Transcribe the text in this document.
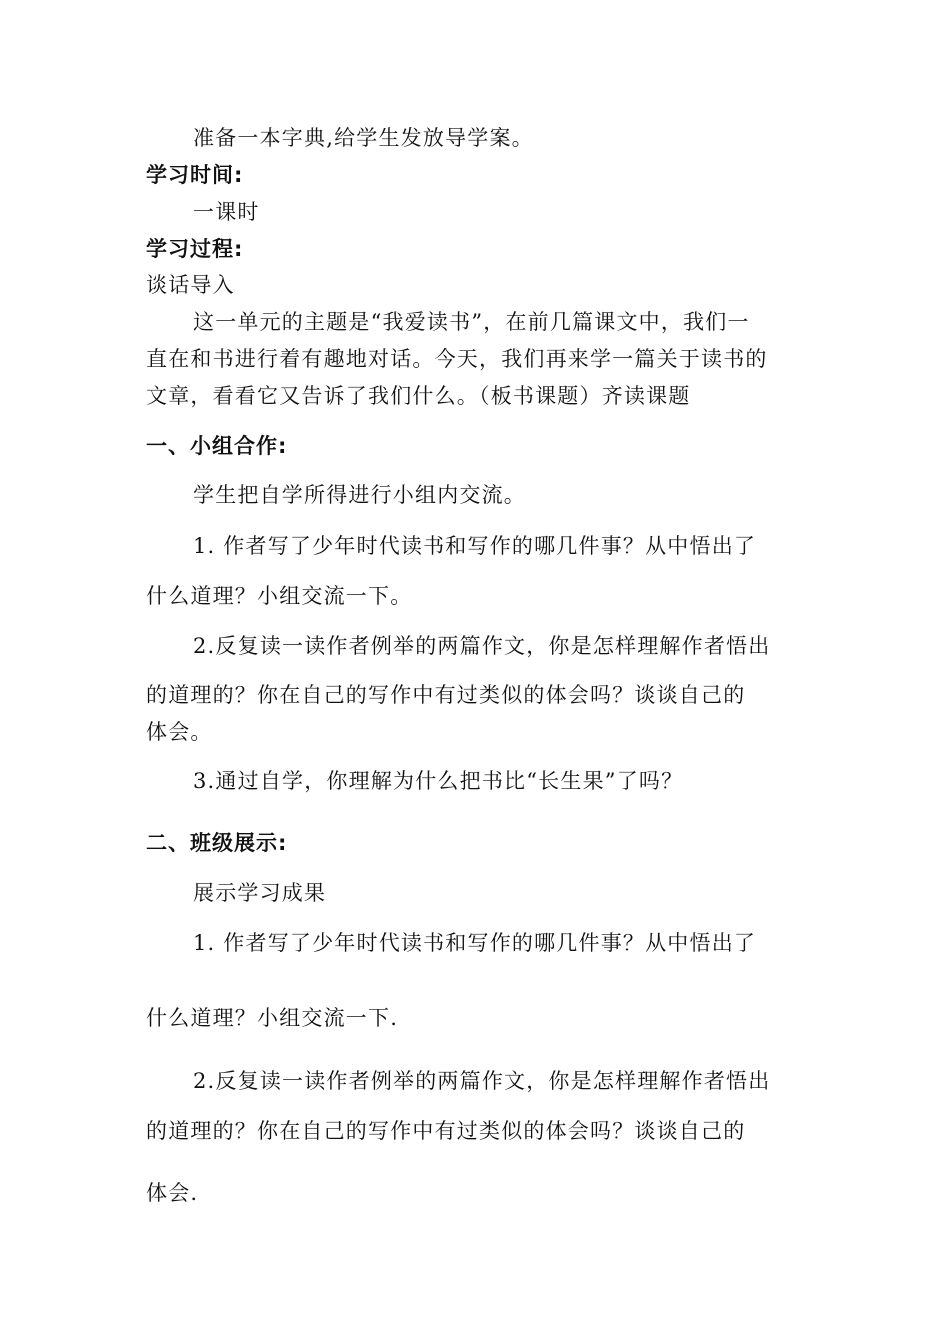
准备一本字典,给学生发放导学案。
学习时间:
一课时
学习过程:
谈话导入
这一单元的主题是“我爱读书”，在前几篇课文中，我们一
直在和书进行着有趣地对话。今天，我们再来学一篇关于读书的
文章，看看它又告诉了我们什么。（板书课题）齐读课题
一、小组合作:
学生把自学所得进行小组内交流。
1. 作者写了少年时代读书和写作的哪几件事？从中悟出了
什么道理？小组交流一下。
2.反复读一读作者例举的两篇作文，你是怎样理解作者悟出
的道理的？你在自己的写作中有过类似的体会吗？谈谈自己的
体会。
3.通过自学，你理解为什么把书比“长生果”了吗？
二、班级展示:
展示学习成果
1. 作者写了少年时代读书和写作的哪几件事？从中悟出了
什么道理？小组交流一下.
2.反复读一读作者例举的两篇作文，你是怎样理解作者悟出
的道理的？你在自己的写作中有过类似的体会吗？谈谈自己的
体会.
